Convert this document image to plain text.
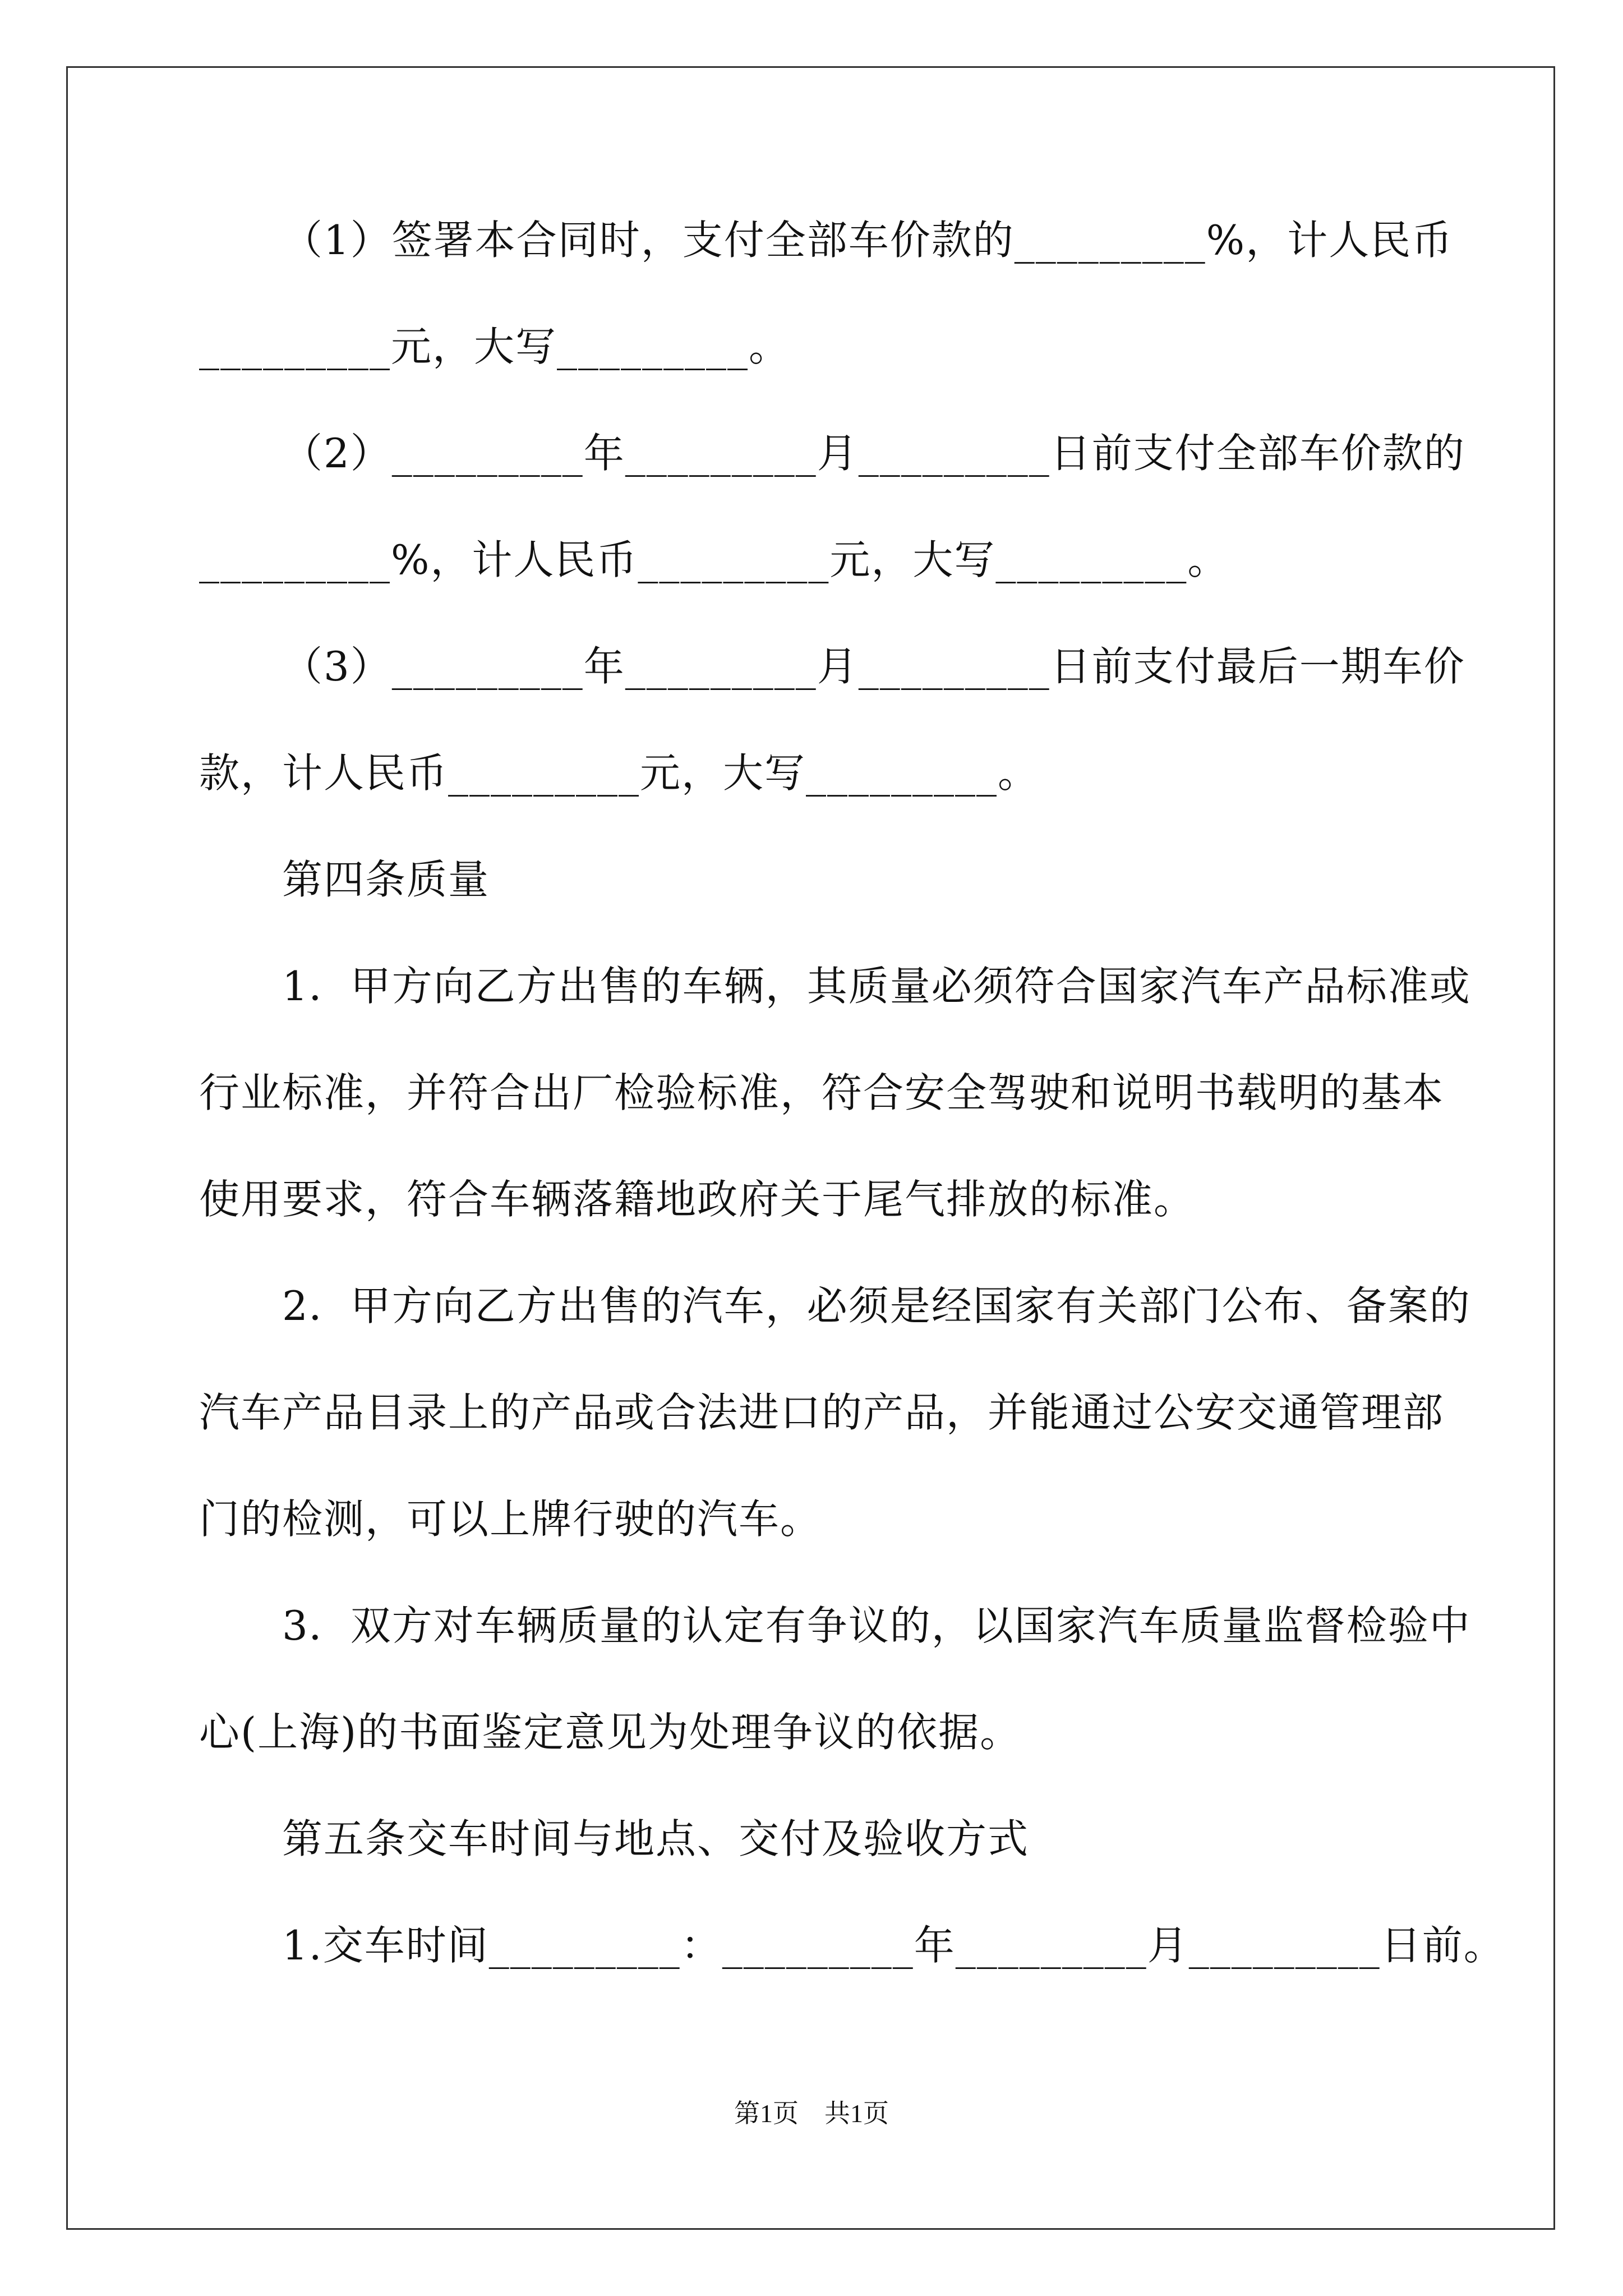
（1）签署本合同时，支付全部车价款的_________%，计人民币
_________元，大写_________。
（2）_________年_________月_________日前支付全部车价款的
_________%，计人民币_________元，大写_________。
（3）_________年_________月_________日前支付最后一期车价
款，计人民币_________元，大写_________。
第四条质量
1．甲方向乙方出售的车辆，其质量必须符合国家汽车产品标准或
行业标准，并符合出厂检验标准，符合安全驾驶和说明书载明的基本
使用要求，符合车辆落籍地政府关于尾气排放的标准。
2．甲方向乙方出售的汽车，必须是经国家有关部门公布、备案的
汽车产品目录上的产品或合法进口的产品，并能通过公安交通管理部
门的检测，可以上牌行驶的汽车。
3．双方对车辆质量的认定有争议的，以国家汽车质量监督检验中
心(上海)的书面鉴定意见为处理争议的依据。
第五条交车时间与地点、交付及验收方式
1.交车时间_________：_________年_________月_________日前。
第1页　共1页
